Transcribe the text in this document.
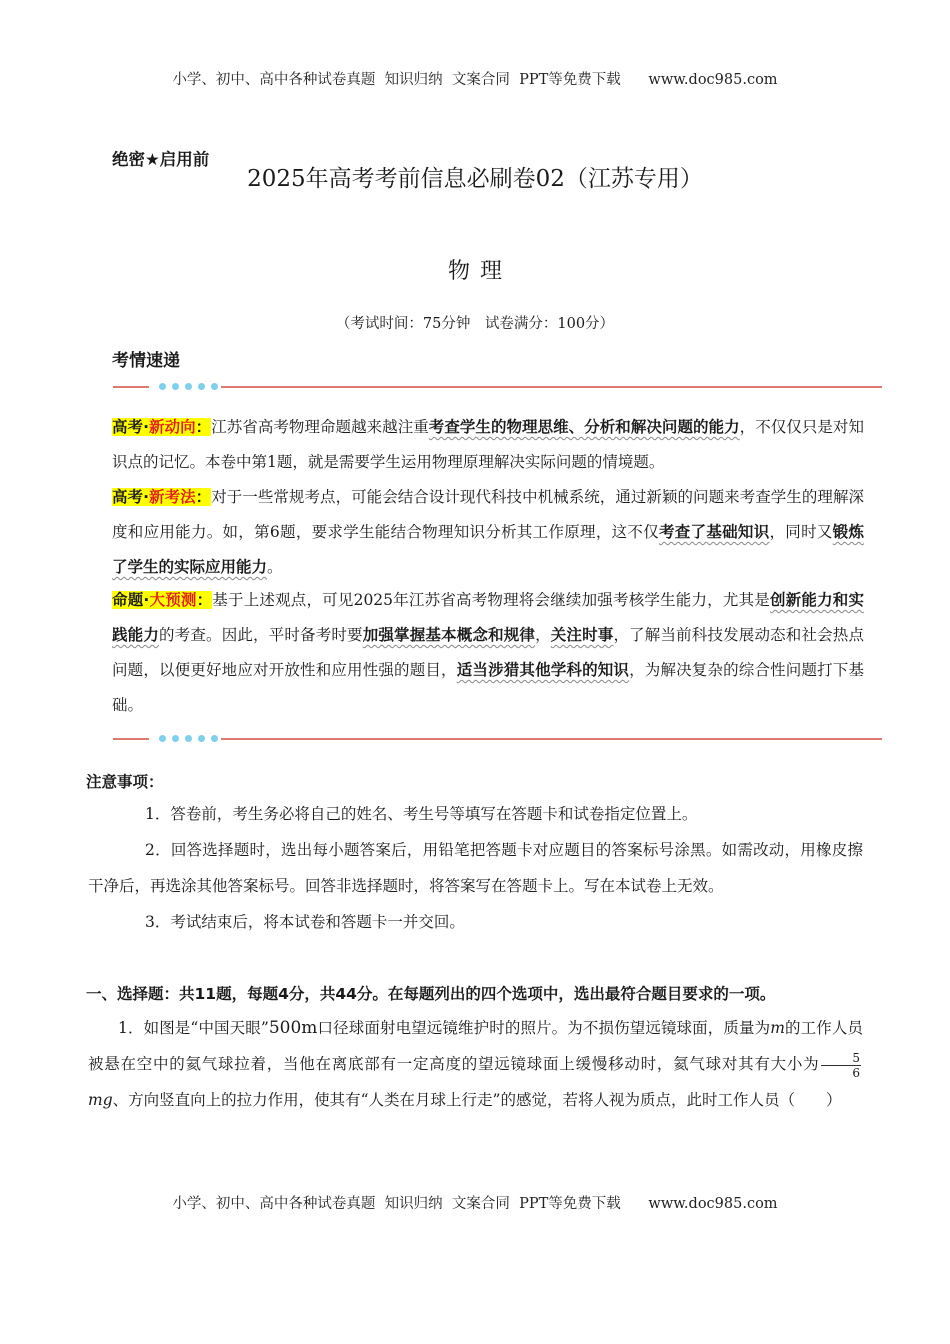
小学、初中、高中各种试卷真题  知识归纳  文案合同  PPT等免费下载      www.doc985.com
绝密★启用前
2025年高考考前信息必刷卷02（江苏专用）
物理
（考试时间：75分钟　试卷满分：100分）
考情速递
高考·新动向：江苏省高考物理命题越来越注重考查学生的物理思维、分析和解决问题的能力，不仅仅只是对知识点的记忆。本卷中第1题，就是需要学生运用物理原理解决实际问题的情境题。
高考·新考法：对于一些常规考点，可能会结合设计现代科技中机械系统，通过新颖的问题来考查学生的理解深度和应用能力。如，第6题，要求学生能结合物理知识分析其工作原理，这不仅考查了基础知识，同时又锻炼了学生的实际应用能力。
命题·大预测：基于上述观点，可见2025年江苏省高考物理将会继续加强考核学生能力，尤其是创新能力和实践能力的考查。因此，平时备考时要加强掌握基本概念和规律，关注时事，了解当前科技发展动态和社会热点问题，以便更好地应对开放性和应用性强的题目，适当涉猎其他学科的知识，为解决复杂的综合性问题打下基础。
注意事项：
1．答卷前，考生务必将自己的姓名、考生号等填写在答题卡和试卷指定位置上。
2．回答选择题时，选出每小题答案后，用铅笔把答题卡对应题目的答案标号涂黑。如需改动，用橡皮擦干净后，再选涂其他答案标号。回答非选择题时，将答案写在答题卡上。写在本试卷上无效。
3．考试结束后，将本试卷和答题卡一并交回。
一、选择题：共11题，每题4分，共44分。在每题列出的四个选项中，选出最符合题目要求的一项。
1．如图是“中国天眼”500m口径球面射电望远镜维护时的照片。为不损伤望远镜球面，质量为m的工作人员被悬在空中的氦气球拉着，当他在离底部有一定高度的望远镜球面上缓慢移动时，氦气球对其有大小为 $\frac{5}{6}$
mg、方向竖直向上的拉力作用，使其有“人类在月球上行走”的感觉，若将人视为质点，此时工作人员（　　）
小学、初中、高中各种试卷真题  知识归纳  文案合同  PPT等免费下载      www.doc985.com
